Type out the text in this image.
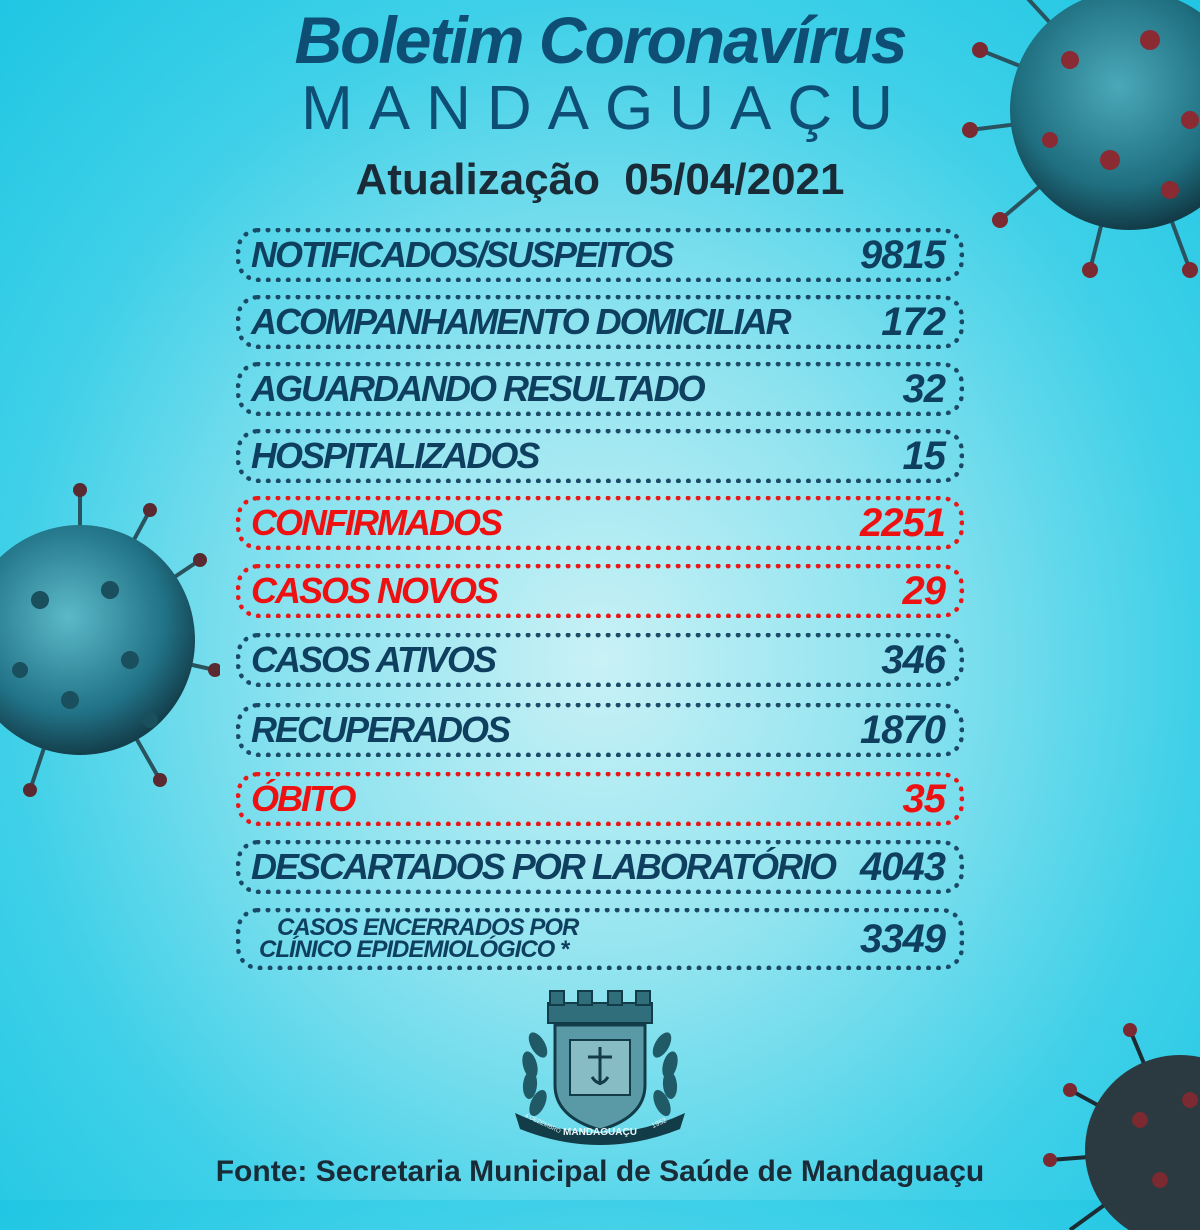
Boletim Coronavírus
MANDAGUAÇU
Atualização 05/04/2021
NOTIFICADOS/SUSPEITOS	9815
ACOMPANHAMENTO DOMICILIAR 172
AGUARDANDO RESULTADO	32
HOSPITALIZADOS	15
CONFIRMADOS	2251
CASOS NOVOS	29
CASOS ATIVOS	346
RECUPERADOS	1870
ÓBITO	35
DESCARTADOS POR LABORATÓRIO 4043
CASOS ENCERRADOS POR
CLÍNICO EPIDEMIOLÓGICO *	3349
MANDAGUAÇU
4 DEZEMBRO	1952
Fonte: Secretaria Municipal de Saúde de Mandaguaçu
